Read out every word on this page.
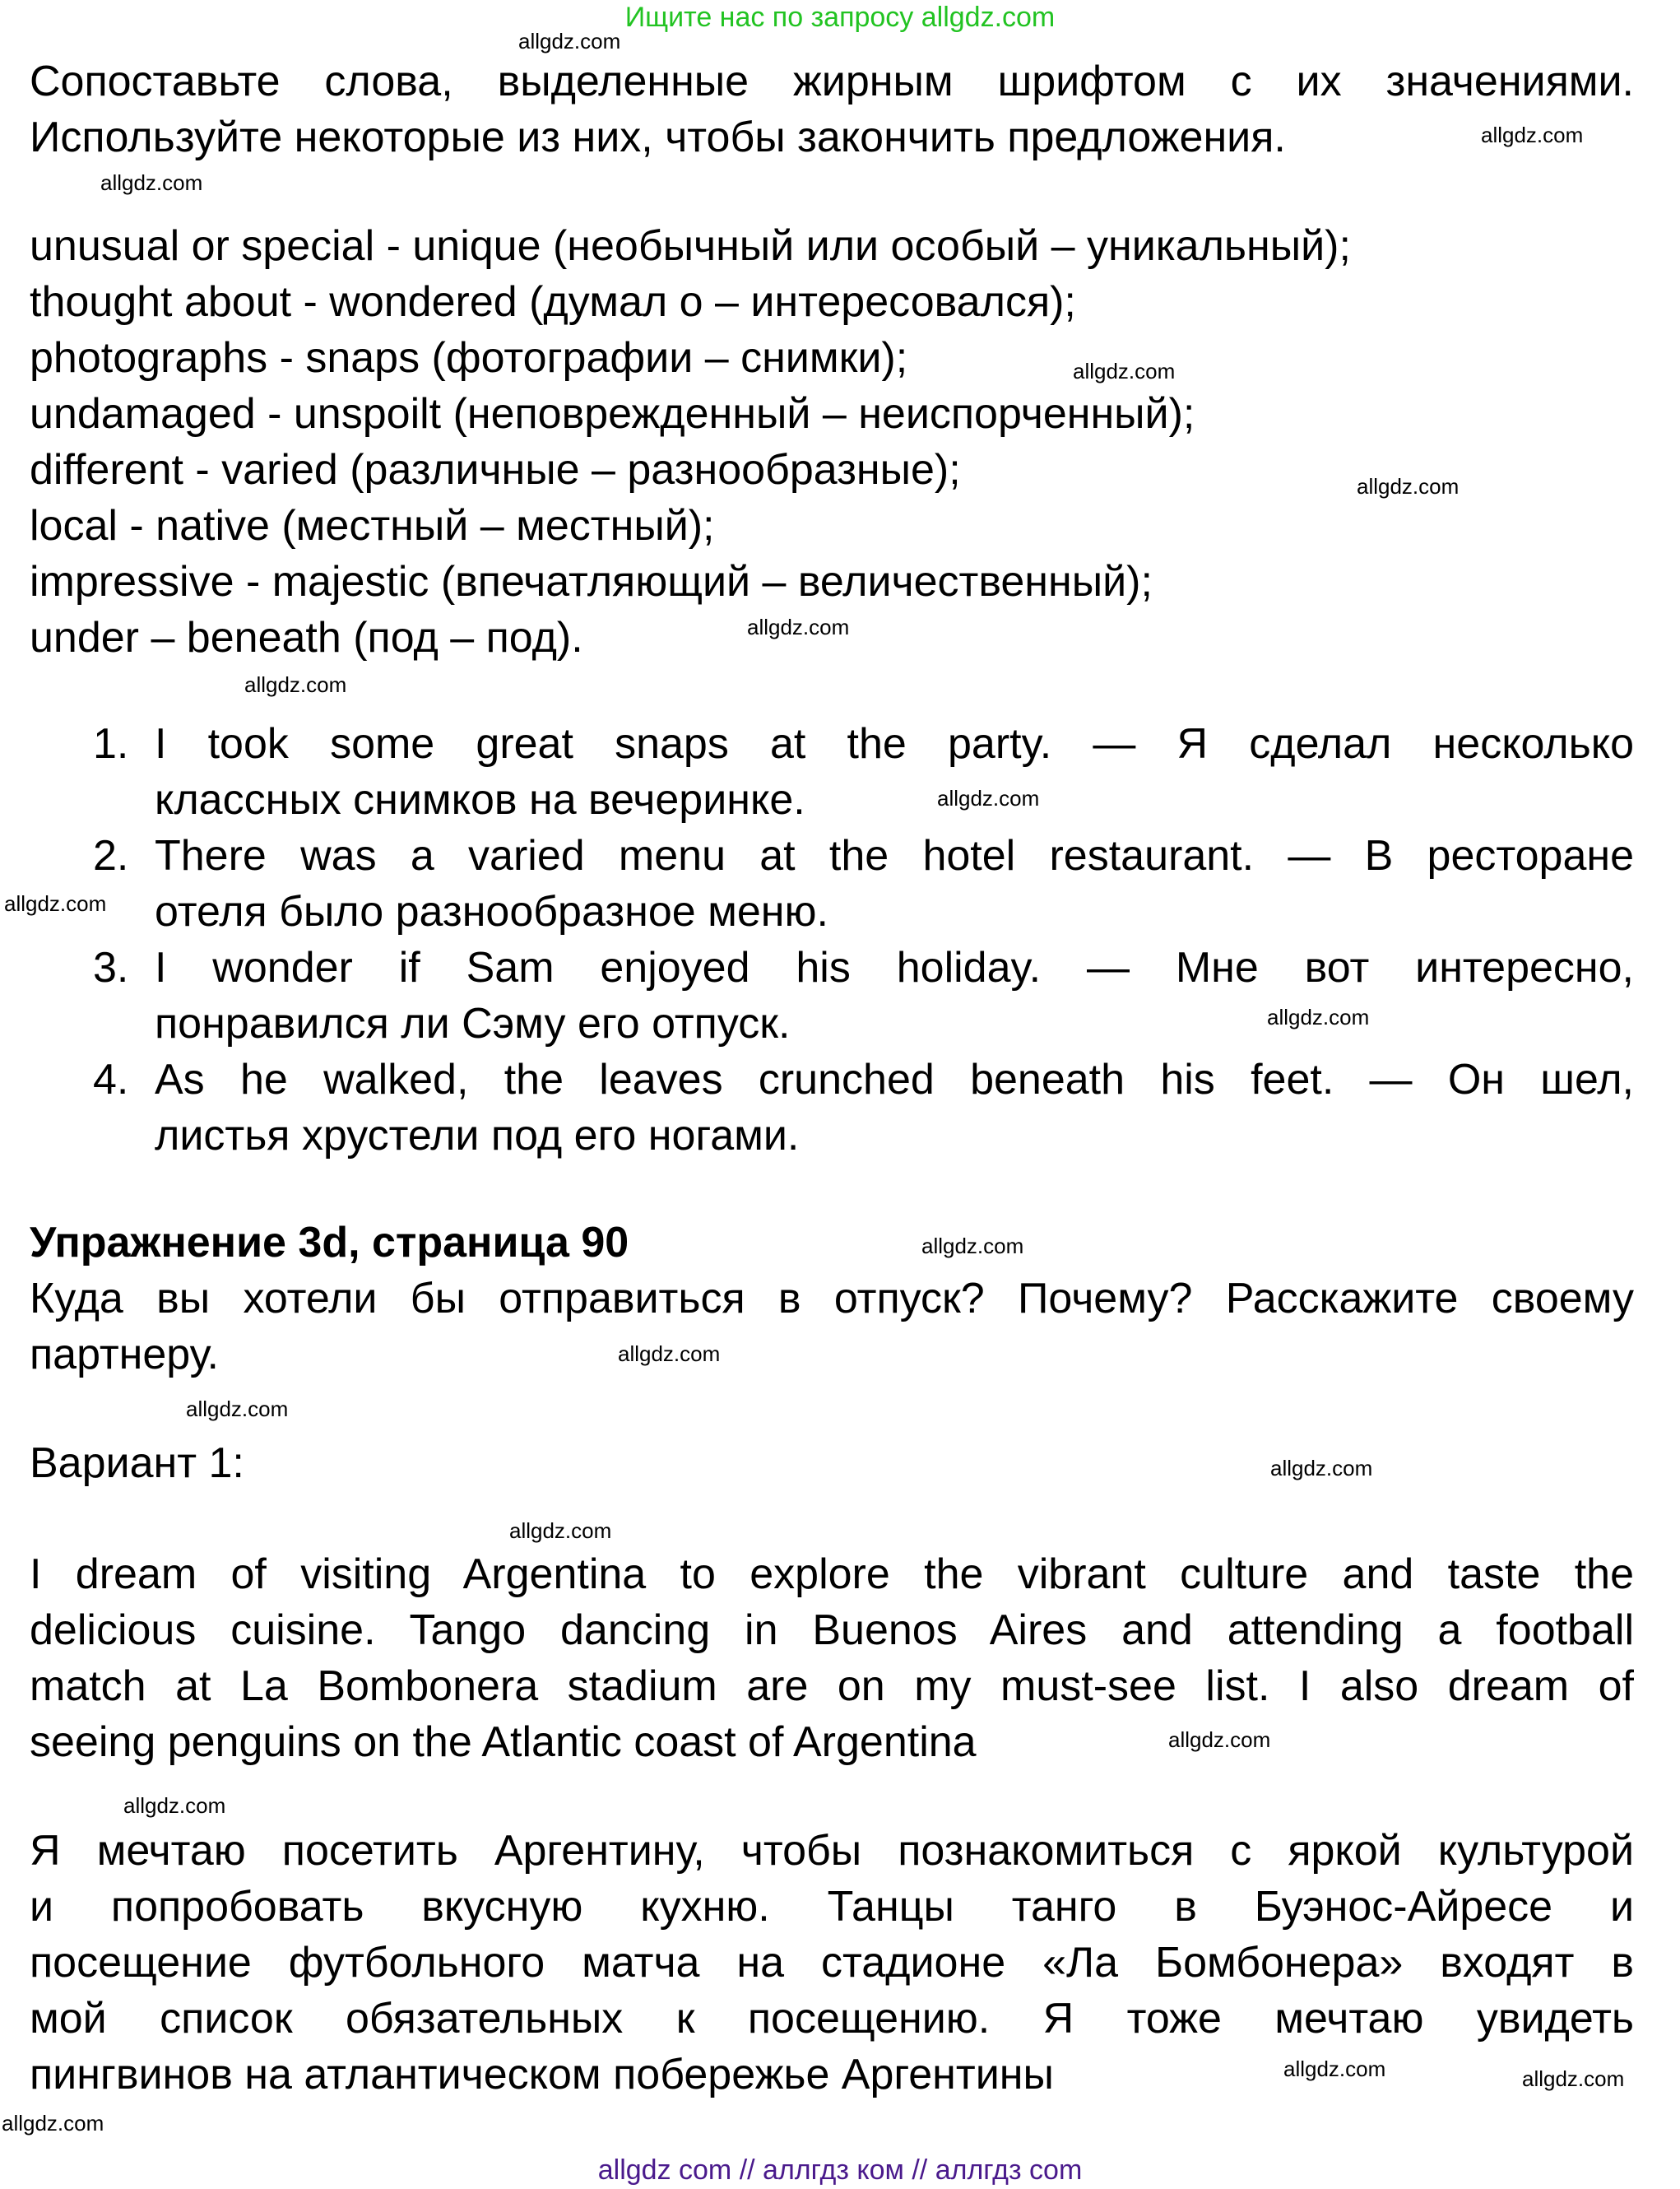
Ищите нас по запросу allgdz.com
Сопоставьте слова, выделенные жирным шрифтом с их значениями.
Используйте некоторые из них, чтобы закончить предложения.
unusual or special - unique (необычный или особый – уникальный);
thought about - wondered (думал о – интересовался);
photographs - snaps (фотографии – снимки);
undamaged - unspoilt (неповрежденный – неиспорченный);
different - varied (различные – разнообразные);
local - native (местный – местный);
impressive - majestic (впечатляющий – величественный);
under – beneath (под – под).
1. I took some great snaps at the party. — Я сделал несколько
классных снимков на вечеринке.
2. There was a varied menu at the hotel restaurant. — В ресторане
отеля было разнообразное меню.
3. I wonder if Sam enjoyed his holiday. — Мне вот интересно,
понравился ли Сэму его отпуск.
4. As he walked, the leaves crunched beneath his feet. — Он шел,
листья хрустели под его ногами.
Упражнение 3d, страница 90
Куда вы хотели бы отправиться в отпуск? Почему? Расскажите своему
партнеру.
Вариант 1:
I dream of visiting Argentina to explore the vibrant culture and taste the
delicious cuisine. Tango dancing in Buenos Aires and attending a football
match at La Bombonera stadium are on my must-see list. I also dream of
seeing penguins on the Atlantic coast of Argentina
Я мечтаю посетить Аргентину, чтобы познакомиться с яркой культурой
и попробовать вкусную кухню. Танцы танго в Буэнос-Айресе и
посещение футбольного матча на стадионе «Ла Бомбонера» входят в
мой список обязательных к посещению. Я тоже мечтаю увидеть
пингвинов на атлантическом побережье Аргентины
allgdz.com
allgdz.com
allgdz.com
allgdz.com
allgdz.com
allgdz.com
allgdz.com
allgdz.com
allgdz.com
allgdz.com
allgdz.com
allgdz.com
allgdz.com
allgdz.com
allgdz.com
allgdz.com
allgdz.com
allgdz.com
allgdz.com
allgdz.com
allgdz com // аллгдз ком // аллгдз com
